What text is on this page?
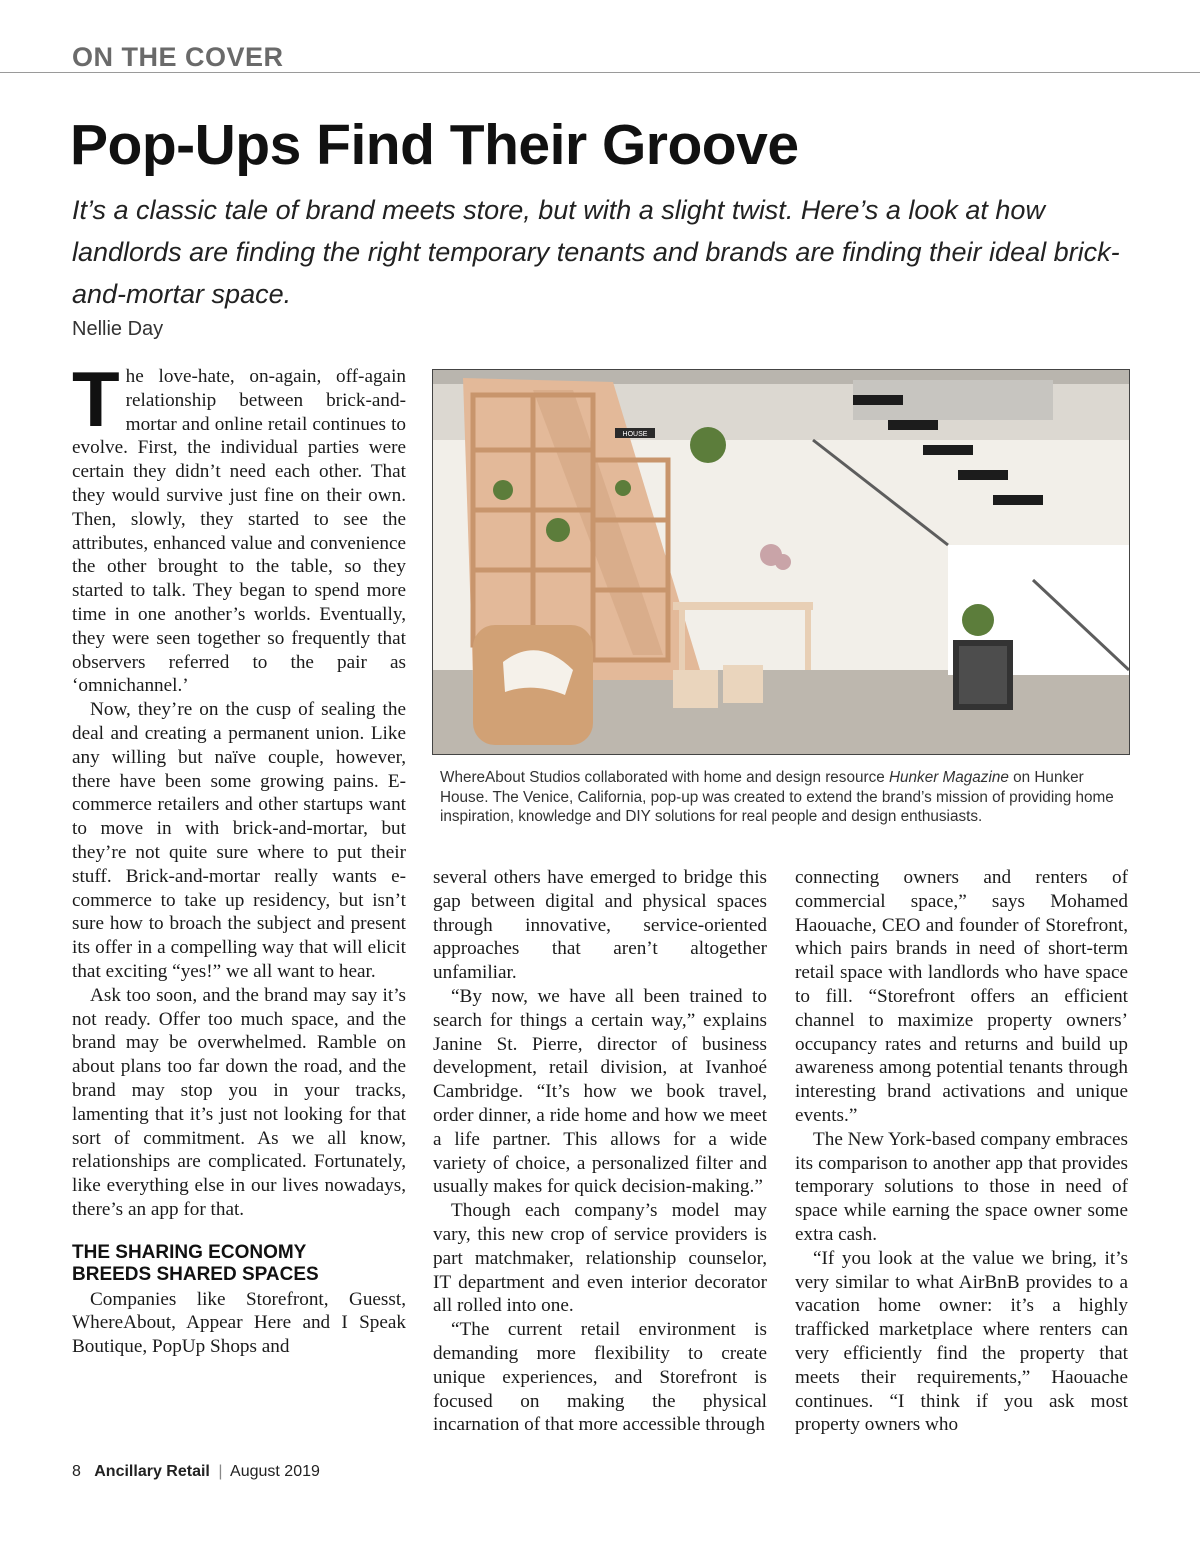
ON THE COVER
Pop-Ups Find Their Groove

It’s a classic tale of brand meets store, but with a slight twist. Here’s a look at how landlords are finding the right temporary tenants and brands are finding their ideal brick-and-mortar space.

Nellie Day

The love-hate, on-again, off-again relationship between brick-and-mortar and online retail continues to evolve. First, the individual parties were certain they didn’t need each other. That they would survive just fine on their own. Then, slowly, they started to see the attributes, enhanced value and convenience the other brought to the table, so they started to talk. They began to spend more time in one another’s worlds. Eventually, they were seen together so frequently that observers referred to the pair as ‘omnichannel.’

Now, they’re on the cusp of sealing the deal and creating a permanent union. Like any willing but naïve couple, however, there have been some growing pains. E-commerce retailers and other startups want to move in with brick-and-mortar, but they’re not quite sure where to put their stuff. Brick-and-mortar really wants e-commerce to take up residency, but isn’t sure how to broach the subject and present its offer in a compelling way that will elicit that exciting “yes!” we all want to hear.

Ask too soon, and the brand may say it’s not ready. Offer too much space, and the brand may be overwhelmed. Ramble on about plans too far down the road, and the brand may stop you in your tracks, lamenting that it’s just not looking for that sort of commitment. As we all know, relationships are complicated. Fortunately, like everything else in our lives nowadays, there’s an app for that.

THE SHARING ECONOMY
BREEDS SHARED SPACES

Companies like Storefront, Guesst, WhereAbout, Appear Here and I Speak Boutique, PopUp Shops and

HOUSE

WhereAbout Studios collaborated with home and design resource Hunker Magazine on Hunker House. The Venice, California, pop-up was created to extend the brand’s mission of providing home inspiration, knowledge and DIY solutions for real people and design enthusiasts.

several others have emerged to bridge this gap between digital and physical spaces through innovative, service-oriented approaches that aren’t altogether unfamiliar.

“By now, we have all been trained to search for things a certain way,” explains Janine St. Pierre, director of business development, retail division, at Ivanhoé Cambridge. “It’s how we book travel, order dinner, a ride home and how we meet a life partner. This allows for a wide variety of choice, a personalized filter and usually makes for quick decision-making.”

Though each company’s model may vary, this new crop of service providers is part matchmaker, relationship counselor, IT department and even interior decorator all rolled into one.

“The current retail environment is demanding more flexibility to create unique experiences, and Storefront is focused on making the physical incarnation of that more accessible through

connecting owners and renters of commercial space,” says Mohamed Haouache, CEO and founder of Storefront, which pairs brands in need of short-term retail space with landlords who have space to fill. “Storefront offers an efficient channel to maximize property owners’ occupancy rates and returns and build up awareness among potential tenants through interesting brand activations and unique events.”

The New York-based company embraces its comparison to another app that provides temporary solutions to those in need of space while earning the space owner some extra cash.

“If you look at the value we bring, it’s very similar to what AirBnB provides to a vacation home owner: it’s a highly trafficked marketplace where renters can very efficiently find the property that meets their requirements,” Haouache continues. “I think if you ask most property owners who

8 Ancillary Retail | August 2019
